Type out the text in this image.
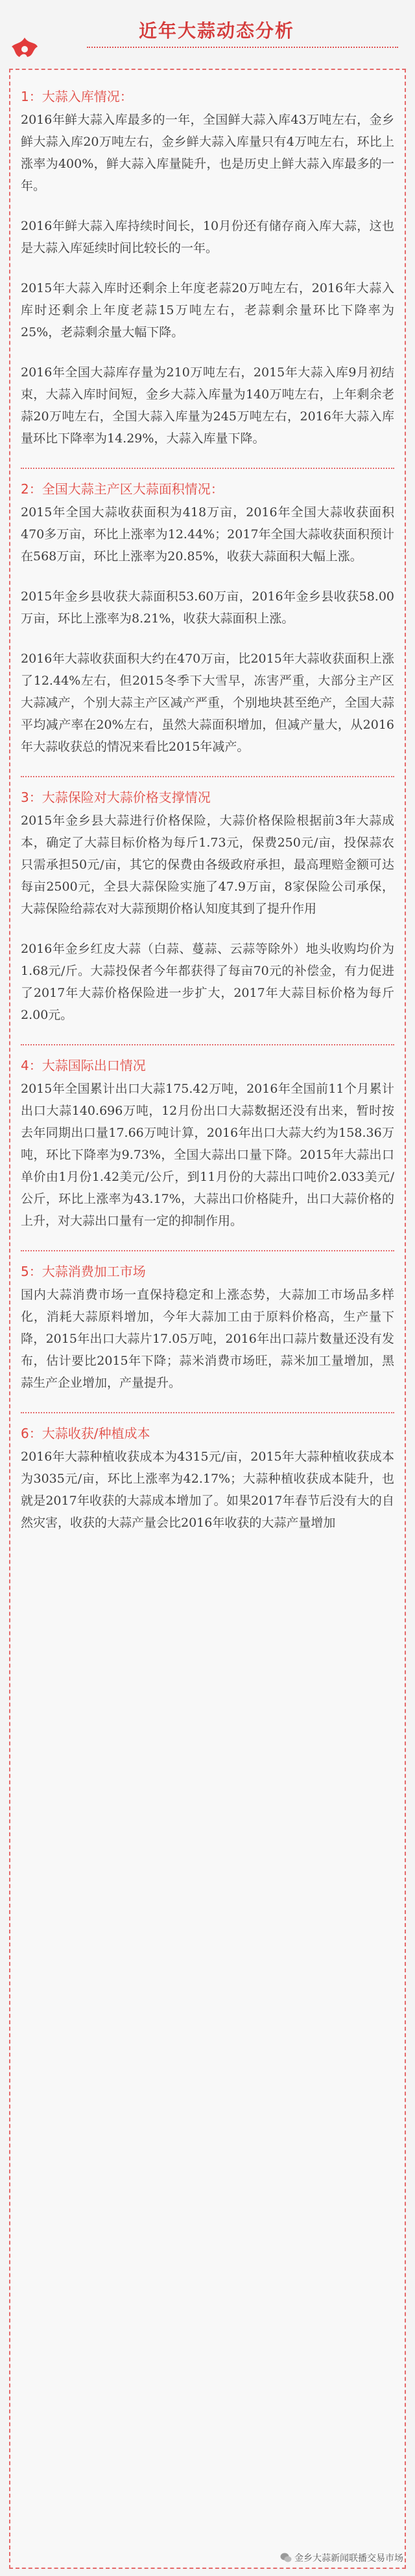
近年大蒜动态分析
1：大蒜入库情况：

2016年鲜大蒜入库最多的一年，全国鲜大蒜入库43万吨左右，金乡鲜大蒜入库20万吨左右，金乡鲜大蒜入库量只有4万吨左右，环比上涨率为400%，鲜大蒜入库量陡升，也是历史上鲜大蒜入库最多的一年。

2016年鲜大蒜入库持续时间长，10月份还有储存商入库大蒜，这也是大蒜入库延续时间比较长的一年。

2015年大蒜入库时还剩余上年度老蒜20万吨左右，2016年大蒜入库时还剩余上年度老蒜15万吨左右，老蒜剩余量环比下降率为25%，老蒜剩余量大幅下降。

2016年全国大蒜库存量为210万吨左右，2015年大蒜入库9月初结束，大蒜入库时间短，金乡大蒜入库量为140万吨左右，上年剩余老蒜20万吨左右，全国大蒜入库量为245万吨左右，2016年大蒜入库量环比下降率为14.29%，大蒜入库量下降。

2：全国大蒜主产区大蒜面积情况：

2015年全国大蒜收获面积为418万亩，2016年全国大蒜收获面积470多万亩，环比上涨率为12.44%；2017年全国大蒜收获面积预计在568万亩，环比上涨率为20.85%，收获大蒜面积大幅上涨。

2015年金乡县收获大蒜面积53.60万亩，2016年金乡县收获58.00万亩，环比上涨率为8.21%，收获大蒜面积上涨。

2016年大蒜收获面积大约在470万亩，比2015年大蒜收获面积上涨了12.44%左右，但2015冬季下大雪早，冻害严重，大部分主产区大蒜减产，个别大蒜主产区减产严重，个别地块甚至绝产，全国大蒜平均减产率在20%左右，虽然大蒜面积增加，但减产量大，从2016年大蒜收获总的情况来看比2015年减产。

3：大蒜保险对大蒜价格支撑情况

2015年金乡县大蒜进行价格保险，大蒜价格保险根据前3年大蒜成本，确定了大蒜目标价格为每斤1.73元，保费250元/亩，投保蒜农只需承担50元/亩，其它的保费由各级政府承担，最高理赔金额可达每亩2500元，全县大蒜保险实施了47.9万亩，8家保险公司承保，大蒜保险给蒜农对大蒜预期价格认知度其到了提升作用

2016年金乡红皮大蒜（白蒜、蔓蒜、云蒜等除外）地头收购均价为1.68元/斤。大蒜投保者今年都获得了每亩70元的补偿金，有力促进了2017年大蒜价格保险进一步扩大，2017年大蒜目标价格为每斤2.00元。

4：大蒜国际出口情况

2015年全国累计出口大蒜175.42万吨，2016年全国前11个月累计出口大蒜140.696万吨，12月份出口大蒜数据还没有出来，暂时按去年同期出口量17.66万吨计算，2016年出口大蒜大约为158.36万吨，环比下降率为9.73%，全国大蒜出口量下降。2015年大蒜出口单价由1月份1.42美元/公斤，到11月份的大蒜出口吨价2.033美元/公斤，环比上涨率为43.17%，大蒜出口价格陡升，出口大蒜价格的上升，对大蒜出口量有一定的抑制作用。

5：大蒜消费加工市场

国内大蒜消费市场一直保持稳定和上涨态势，大蒜加工市场品多样化，消耗大蒜原料增加，今年大蒜加工由于原料价格高，生产量下降，2015年出口大蒜片17.05万吨，2016年出口蒜片数量还没有发布，估计要比2015年下降；蒜米消费市场旺，蒜米加工量增加，黑蒜生产企业增加，产量提升。

6：大蒜收获/种植成本

2016年大蒜种植收获成本为4315元/亩，2015年大蒜种植收获成本为3035元/亩，环比上涨率为42.17%；大蒜种植收获成本陡升，也就是2017年收获的大蒜成本增加了。如果2017年春节后没有大的自然灾害，收获的大蒜产量会比2016年收获的大蒜产量增加

金乡大蒜新闻联播交易市场
